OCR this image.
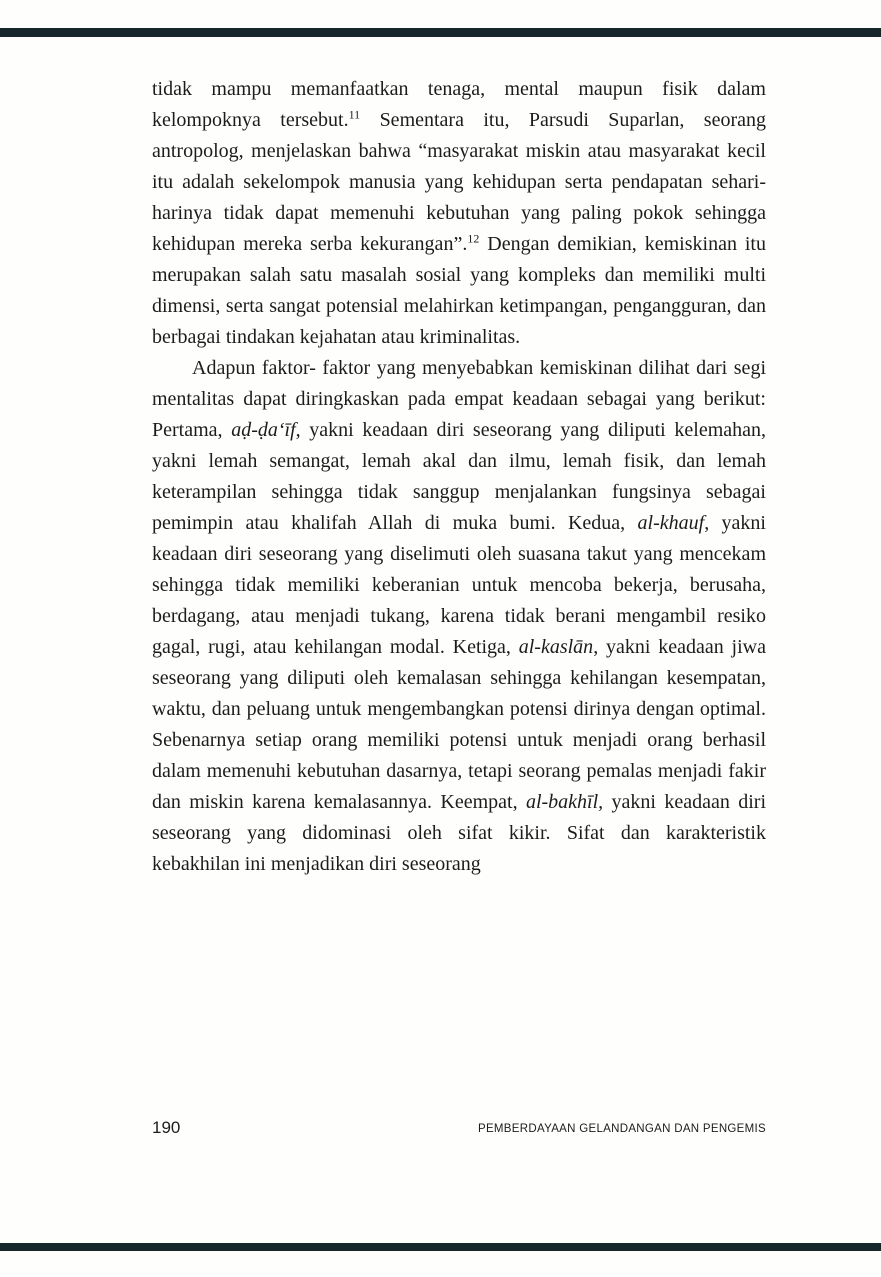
tidak mampu memanfaatkan tenaga, mental maupun fisik dalam kelompoknya tersebut.$^{11}$ Sementara itu, Parsudi Suparlan, seorang antropolog, menjelaskan bahwa “masyarakat miskin atau masyarakat kecil itu adalah sekelompok manusia yang kehidupan serta pendapatan sehari-harinya tidak dapat memenuhi kebutuhan yang paling pokok sehingga kehidupan mereka serba kekurangan”.$^{12}$ Dengan demikian, kemiskinan itu merupakan salah satu masalah sosial yang kompleks dan memiliki multi dimensi, serta sangat potensial melahirkan ketimpangan, pengangguran, dan berbagai tindakan kejahatan atau kriminalitas.

Adapun faktor- faktor yang menyebabkan kemiskinan dilihat dari segi mentalitas dapat diringkaskan pada empat keadaan sebagai yang berikut: Pertama, aḍ-ḍa‘īf, yakni keadaan diri seseorang yang diliputi kelemahan, yakni lemah semangat, lemah akal dan ilmu, lemah fisik, dan lemah keterampilan sehingga tidak sanggup menjalankan fungsinya sebagai pemimpin atau khalifah Allah di muka bumi. Kedua, al-khauf, yakni keadaan diri seseorang yang diselimuti oleh suasana takut yang mencekam sehingga tidak memiliki keberanian untuk mencoba bekerja, berusaha, berdagang, atau menjadi tukang, karena tidak berani mengambil resiko gagal, rugi, atau kehilangan modal. Ketiga, al-kaslān, yakni keadaan jiwa seseorang yang diliputi oleh kemalasan sehingga kehilangan kesempatan, waktu, dan peluang untuk mengembangkan potensi dirinya dengan optimal. Sebenarnya setiap orang memiliki potensi untuk menjadi orang berhasil dalam memenuhi kebutuhan dasarnya, tetapi seorang pemalas menjadi fakir dan miskin karena kemalasannya. Keempat, al-bakhīl, yakni keadaan diri seseorang yang didominasi oleh sifat kikir. Sifat dan karakteristik kebakhilan ini menjadikan diri seseorang

190	PEMBERDAYAAN GELANDANGAN DAN PENGEMIS
